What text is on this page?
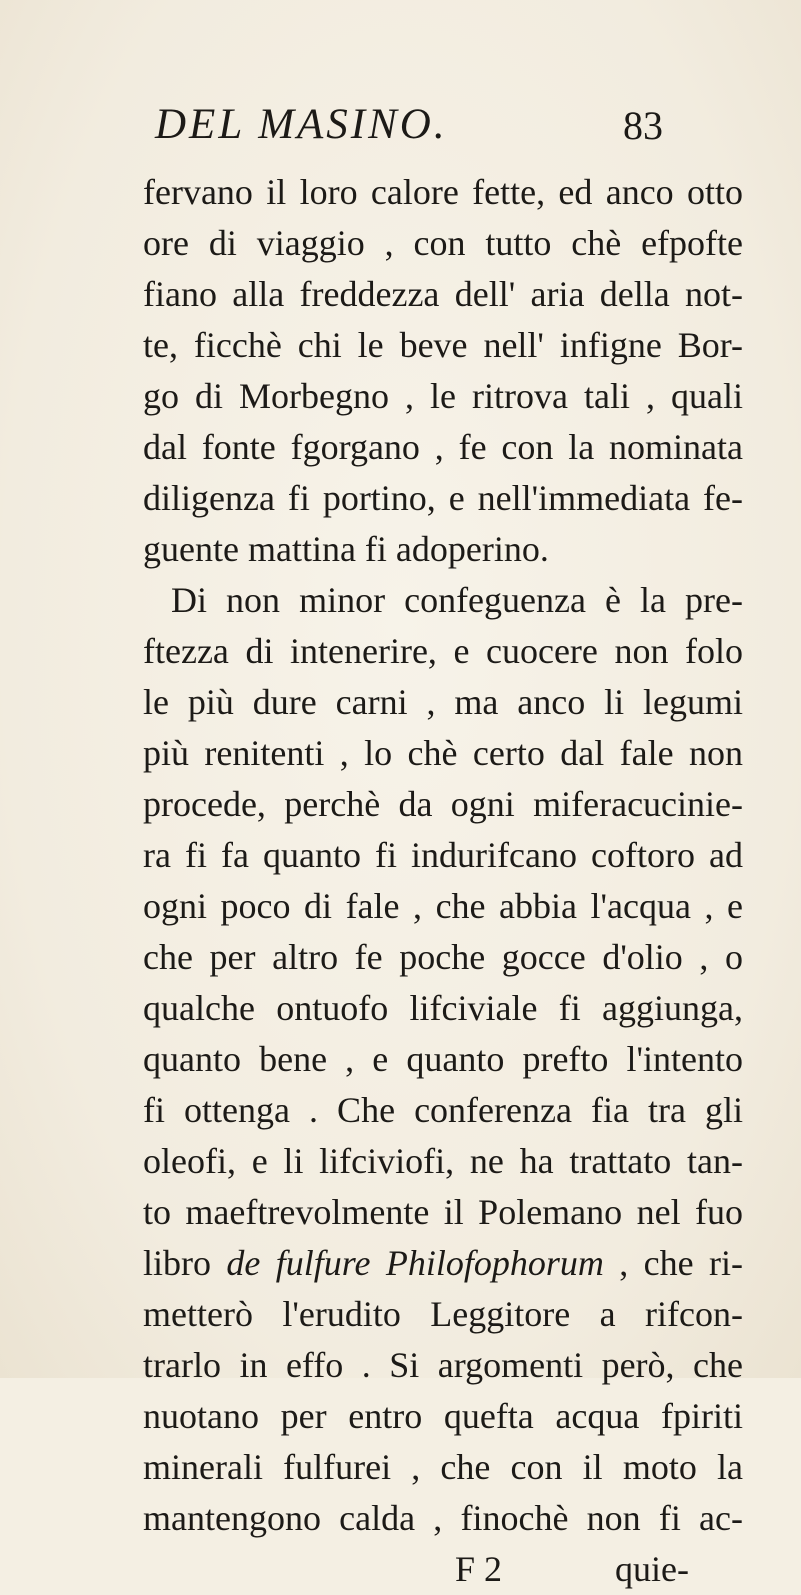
DEL MASINO.	83
fervano il loro calore fette, ed anco otto
ore di viaggio , con tutto chè efpofte
fiano alla freddezza dell' aria della not-
te, ficchè chi le beve nell' infigne Bor-
go di Morbegno , le ritrova tali , quali
dal fonte fgorgano , fe con la nominata
diligenza fi portino, e nell'immediata fe-
guente mattina fi adoperino.
Di non minor confeguenza è la pre-
ftezza di intenerire, e cuocere non folo
le più dure carni , ma anco li legumi
più renitenti , lo chè certo dal fale non
procede, perchè da ogni miferacucinie-
ra fi fa quanto fi indurifcano coftoro ad
ogni poco di fale , che abbia l'acqua , e
che per altro fe poche gocce d'olio , o
qualche ontuofo lifciviale fi aggiunga,
quanto bene , e quanto prefto l'intento
fi ottenga . Che conferenza fia tra gli
oleofi, e li lifciviofi, ne ha trattato tan-
to maeftrevolmente il Polemano nel fuo
libro de fulfure Philofophorum , che ri-
metterò l'erudito Leggitore a rifcon-
trarlo in effo . Si argomenti però, che
nuotano per entro quefta acqua fpiriti
minerali fulfurei , che con il moto la
mantengono calda , finochè non fi ac-
F 2	quie-
